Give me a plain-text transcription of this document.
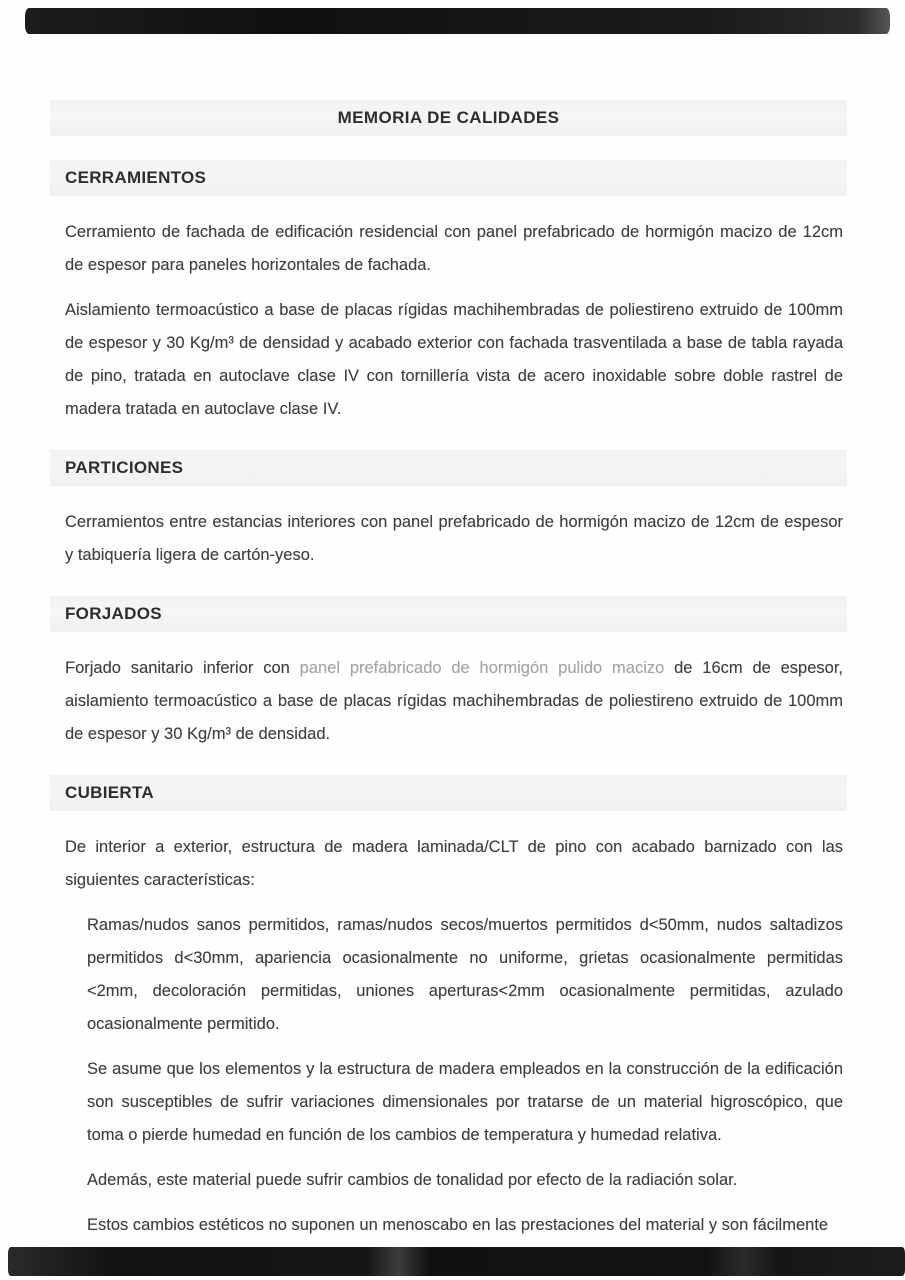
MEMORIA DE CALIDADES
CERRAMIENTOS

Cerramiento de fachada de edificación residencial con panel prefabricado de hormigón macizo de 12cm de espesor para paneles horizontales de fachada.

Aislamiento termoacústico a base de placas rígidas machihembradas de poliestireno extruido de 100mm de espesor y 30 Kg/m³ de densidad y acabado exterior con fachada trasventilada a base de tabla rayada de pino, tratada en autoclave clase IV con tornillería vista de acero inoxidable sobre doble rastrel de madera tratada en autoclave clase IV.

PARTICIONES

Cerramientos entre estancias interiores con panel prefabricado de hormigón macizo de 12cm de espesor y tabiquería ligera de cartón-yeso.

FORJADOS

Forjado sanitario inferior con panel prefabricado de hormigón pulido macizo de 16cm de espesor, aislamiento termoacústico a base de placas rígidas machihembradas de poliestireno extruido de 100mm de espesor y 30 Kg/m³ de densidad.

CUBIERTA

De interior a exterior, estructura de madera laminada/CLT de pino con acabado barnizado con las siguientes características:

Ramas/nudos sanos permitidos, ramas/nudos secos/muertos permitidos d<50mm, nudos saltadizos permitidos d<30mm, apariencia ocasionalmente no uniforme, grietas ocasionalmente permitidas <2mm, decoloración permitidas, uniones aperturas<2mm ocasionalmente permitidas, azulado ocasionalmente permitido.

Se asume que los elementos y la estructura de madera empleados en la construcción de la edificación son susceptibles de sufrir variaciones dimensionales por tratarse de un material higroscópico, que toma o pierde humedad en función de los cambios de temperatura y humedad relativa.

Además, este material puede sufrir cambios de tonalidad por efecto de la radiación solar.

Estos cambios estéticos no suponen un menoscabo en las prestaciones del material y son fácilmente
